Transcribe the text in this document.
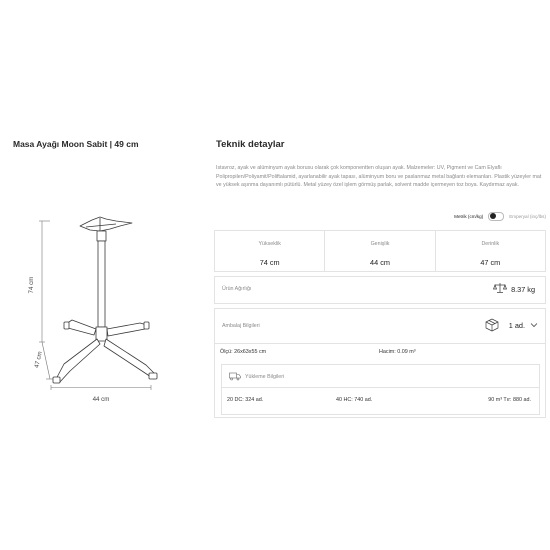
Masa Ayağı Moon Sabit | 49 cm
74 cm
47 cm
44 cm
Teknik detaylar
Istavroz, ayak ve alüminyum ayak borusu olarak çok komponentten oluşan ayak. Malzemeler: UV, Pigment ve Cam Elyaflı Polipropilen/Poliyamit/Poliftalamid, ayarlanabilir ayak tapası, alüminyum boru ve paslanmaz metal bağlantı elemanları. Plastik yüzeyler mat ve yüksek aşınma dayanımlı pütürlü. Metal yüzey özel işlem görmüş parlak, solvent madde içermeyen toz boya. Kaydırmaz ayak.
Metrik (cm/kg)	Emperyal (inç/lbs)
Yükseklik
74 cm
Genişlik
44 cm
Derinlik
47 cm
Ürün Ağırlığı	8.37 kg
Ambalaj Bilgileri	1 ad.
Ölçü: 26x63x55 cm	Hacim: 0.09 m³
Yükleme Bilgileri
20 DC: 324 ad.	40 HC: 740 ad.	90 m³ Tır: 880 ad.
